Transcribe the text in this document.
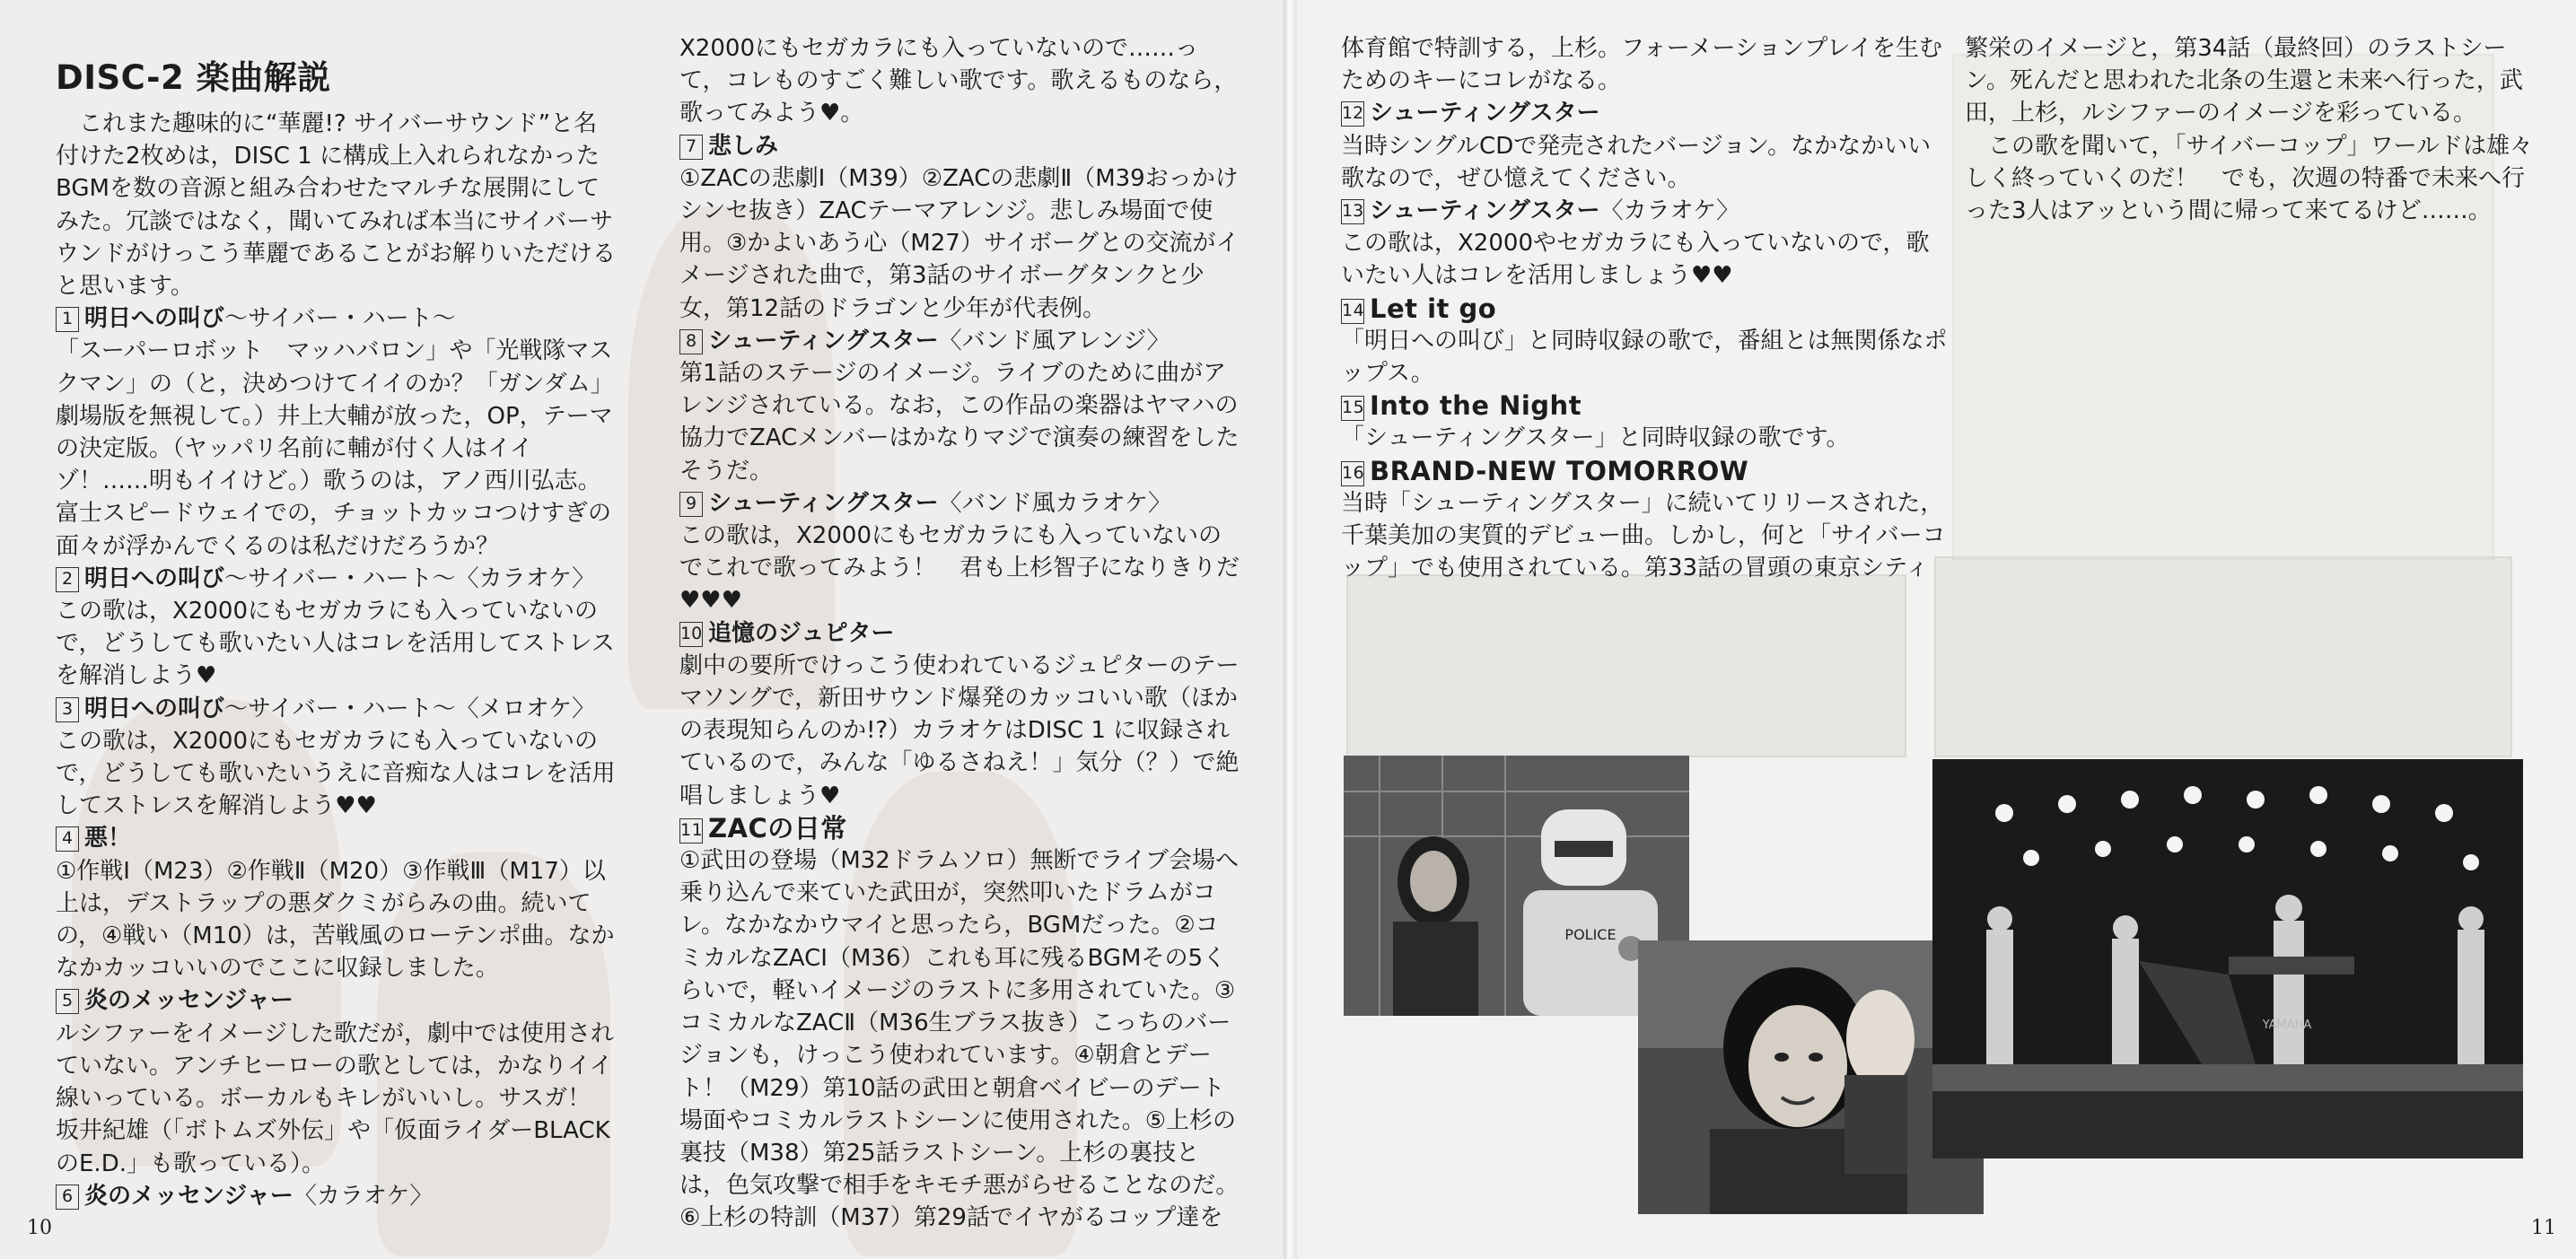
DISC-2 楽曲解説

これまた趣味的に“華麗!? サイバーサウンド”と名付けた2枚めは，DISC 1 に構成上入れられなかったBGMを数の音源と組み合わせたマルチな展開にしてみた。冗談ではなく，聞いてみれば本当にサイバーサウンドがけっこう華麗であることがお解りいただけると思います。

1 明日への叫び〜サイバー・ハート〜

「スーパーロボット　マッハバロン」や「光戦隊マスクマン」の（と，決めつけてイイのか？「ガンダム」劇場版を無視して。）井上大輔が放った，OP，テーマの決定版。（ヤッパリ名前に輔が付く人はイイゾ！……明もイイけど。）歌うのは，アノ西川弘志。富士スピードウェイでの，チョットカッコつけすぎの面々が浮かんでくるのは私だけだろうか？

2 明日への叫び〜サイバー・ハート〜〈カラオケ〉

この歌は，X2000にもセガカラにも入っていないので，どうしても歌いたい人はコレを活用してストレスを解消しよう♥

3 明日への叫び〜サイバー・ハート〜〈メロオケ〉

この歌は，X2000にもセガカラにも入っていないので，どうしても歌いたいうえに音痴な人はコレを活用してストレスを解消しよう♥♥

4 悪！

①作戦Ⅰ（M23）②作戦Ⅱ（M20）③作戦Ⅲ（M17）以上は，デストラップの悪ダクミがらみの曲。続いての，④戦い（M10）は，苦戦風のローテンポ曲。なかなかカッコいいのでここに収録しました。

5 炎のメッセンジャー

ルシファーをイメージした歌だが，劇中では使用されていない。アンチヒーローの歌としては，かなりイイ線いっている。ボーカルもキレがいいし。サスガ！　坂井紀雄（「ボトムズ外伝」や「仮面ライダーBLACKのE.D.」も歌っている）。

6 炎のメッセンジャー〈カラオケ〉

X2000にもセガカラにも入っていないので……って，コレものすごく難しい歌です。歌えるものなら，歌ってみよう♥。

7 悲しみ

①ZACの悲劇Ⅰ（M39）②ZACの悲劇Ⅱ（M39おっかけシンセ抜き）ZACテーマアレンジ。悲しみ場面で使用。③かよいあう心（M27）サイボーグとの交流がイメージされた曲で，第3話のサイボーグタンクと少女，第12話のドラゴンと少年が代表例。

8 シューティングスター〈バンド風アレンジ〉

第1話のステージのイメージ。ライブのために曲がアレンジされている。なお，この作品の楽器はヤマハの協力でZACメンバーはかなりマジで演奏の練習をしたそうだ。

9 シューティングスター〈バンド風カラオケ〉

この歌は，X2000にもセガカラにも入っていないのでこれで歌ってみよう！　君も上杉智子になりきりだ♥♥♥

10 追憶のジュピター

劇中の要所でけっこう使われているジュピターのテーマソングで，新田サウンド爆発のカッコいい歌（ほかの表現知らんのか!?）カラオケはDISC 1 に収録されているので，みんな「ゆるさねえ！」気分（？）で絶唱しましょう♥

11 ZACの日常

①武田の登場（M32ドラムソロ）無断でライブ会場へ乗り込んで来ていた武田が，突然叩いたドラムがコレ。なかなかウマイと思ったら，BGMだった。②コミカルなZACⅠ（M36）これも耳に残るBGMその5くらいで，軽いイメージのラストに多用されていた。③コミカルなZACⅡ（M36生ブラス抜き）こっちのバージョンも，けっこう使われています。④朝倉とデート！（M29）第10話の武田と朝倉ベイビーのデート場面やコミカルラストシーンに使用された。⑤上杉の裏技（M38）第25話ラストシーン。上杉の裏技とは，色気攻撃で相手をキモチ悪がらせることなのだ。⑥上杉の特訓（M37）第29話でイヤがるコップ達を

10

体育館で特訓する，上杉。フォーメーションプレイを生むためのキーにコレがなる。

12 シューティングスター

当時シングルCDで発売されたバージョン。なかなかいい歌なので，ぜひ憶えてください。

13 シューティングスター〈カラオケ〉

この歌は，X2000やセガカラにも入っていないので，歌いたい人はコレを活用しましょう♥♥

14 Let it go

「明日への叫び」と同時収録の歌で，番組とは無関係なポップス。

15 Into the Night

「シューティングスター」と同時収録の歌です。

16 BRAND-NEW TOMORROW

当時「シューティングスター」に続いてリリースされた，千葉美加の実質的デビュー曲。しかし，何と「サイバーコップ」でも使用されている。第33話の冒頭の東京シティ

繁栄のイメージと，第34話（最終回）のラストシーン。死んだと思われた北条の生還と未来へ行った，武田，上杉，ルシファーのイメージを彩っている。

この歌を聞いて，「サイバーコップ」ワールドは雄々しく終っていくのだ！　でも，次週の特番で未来へ行った3人はアッという間に帰って来てるけど……。

POLICE
YAMAHA
11
